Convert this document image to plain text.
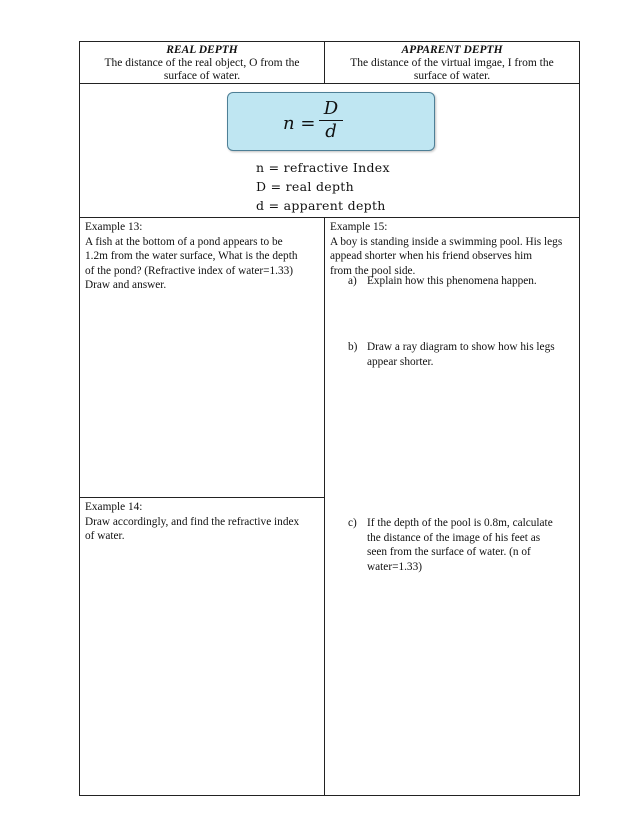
REAL DEPTH
The distance of the real object, O from the
surface of water.
APPARENT DEPTH
The distance of the virtual imgae, I from the
surface of water.
n =
D
d
n = refractive Index
D = real depth
d = apparent depth
Example 13:
A fish at the bottom of a pond appears to be
1.2m from the water surface, What is the depth
of the pond? (Refractive index of water=1.33)
Draw and answer.
Example 14:
Draw accordingly, and find the refractive index
of water.
Example 15:
A boy is standing inside a swimming pool. His legs
appead shorter when his friend observes him
from the pool side.
a) Explain how this phenomena happen.
b) Draw a ray diagram to show how his legs
appear shorter.
c) If the depth of the pool is 0.8m, calculate
the distance of the image of his feet as
seen from the surface of water. (n of
water=1.33)
